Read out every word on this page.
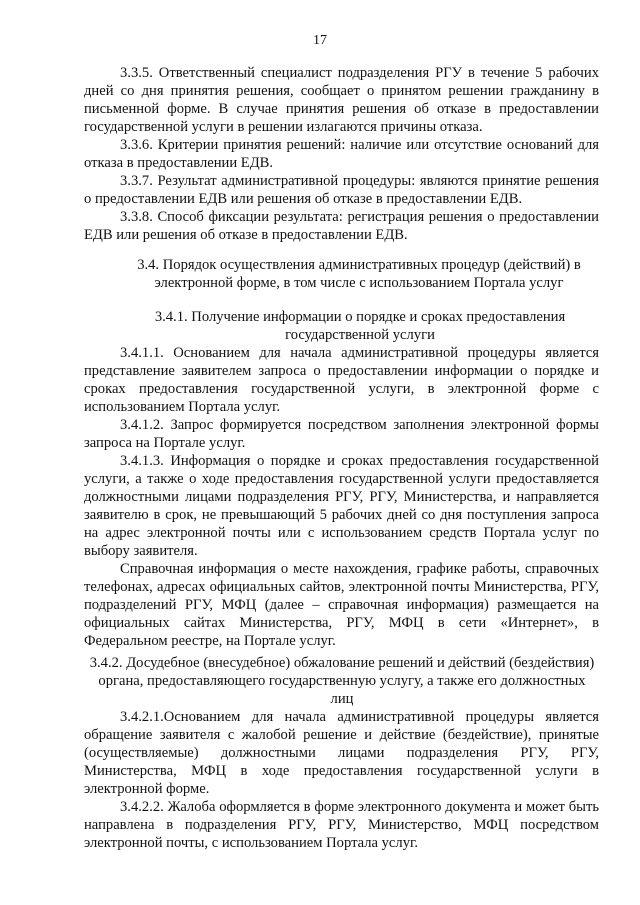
17

3.3.5. Ответственный специалист подразделения РГУ в течение 5 рабочих дней со дня принятия решения, сообщает о принятом решении гражданину в письменной форме. В случае принятия решения об отказе в предоставлении государственной услуги в решении излагаются причины отказа.

3.3.6. Критерии принятия решений: наличие или отсутствие оснований для отказа в предоставлении ЕДВ.

3.3.7. Результат административной процедуры: являются принятие решения о предоставлении ЕДВ или решения об отказе в предоставлении ЕДВ.

3.3.8. Способ фиксации результата: регистрация решения о предоставлении ЕДВ или решения об отказе в предоставлении ЕДВ.

3.4. Порядок осуществления административных процедур (действий) в электронной форме, в том числе с использованием Портала услуг

3.4.1. Получение информации о порядке и сроках предоставления государственной услуги

3.4.1.1. Основанием для начала административной процедуры является представление заявителем запроса о предоставлении информации о порядке и сроках предоставления государственной услуги, в электронной форме с использованием Портала услуг.

3.4.1.2. Запрос формируется посредством заполнения электронной формы запроса на Портале услуг.

3.4.1.3. Информация о порядке и сроках предоставления государственной услуги, а также о ходе предоставления государственной услуги предоставляется должностными лицами подразделения РГУ, РГУ, Министерства, и направляется заявителю в срок, не превышающий 5 рабочих дней со дня поступления запроса на адрес электронной почты или с использованием средств Портала услуг по выбору заявителя.

Справочная информация о месте нахождения, графике работы, справочных телефонах, адресах официальных сайтов, электронной почты Министерства, РГУ, подразделений РГУ, МФЦ (далее – справочная информация) размещается на официальных сайтах Министерства, РГУ, МФЦ в сети «Интернет», в Федеральном реестре, на Портале услуг.

3.4.2. Досудебное (внесудебное) обжалование решений и действий (бездействия) органа, предоставляющего государственную услугу, а также его должностных лиц

3.4.2.1.Основанием для начала административной процедуры является обращение заявителя с жалобой решение и действие (бездействие), принятые (осуществляемые) должностными лицами подразделения РГУ, РГУ, Министерства, МФЦ в ходе предоставления государственной услуги в электронной форме.

3.4.2.2. Жалоба оформляется в форме электронного документа и может быть направлена в подразделения РГУ, РГУ, Министерство, МФЦ посредством электронной почты, с использованием Портала услуг.
